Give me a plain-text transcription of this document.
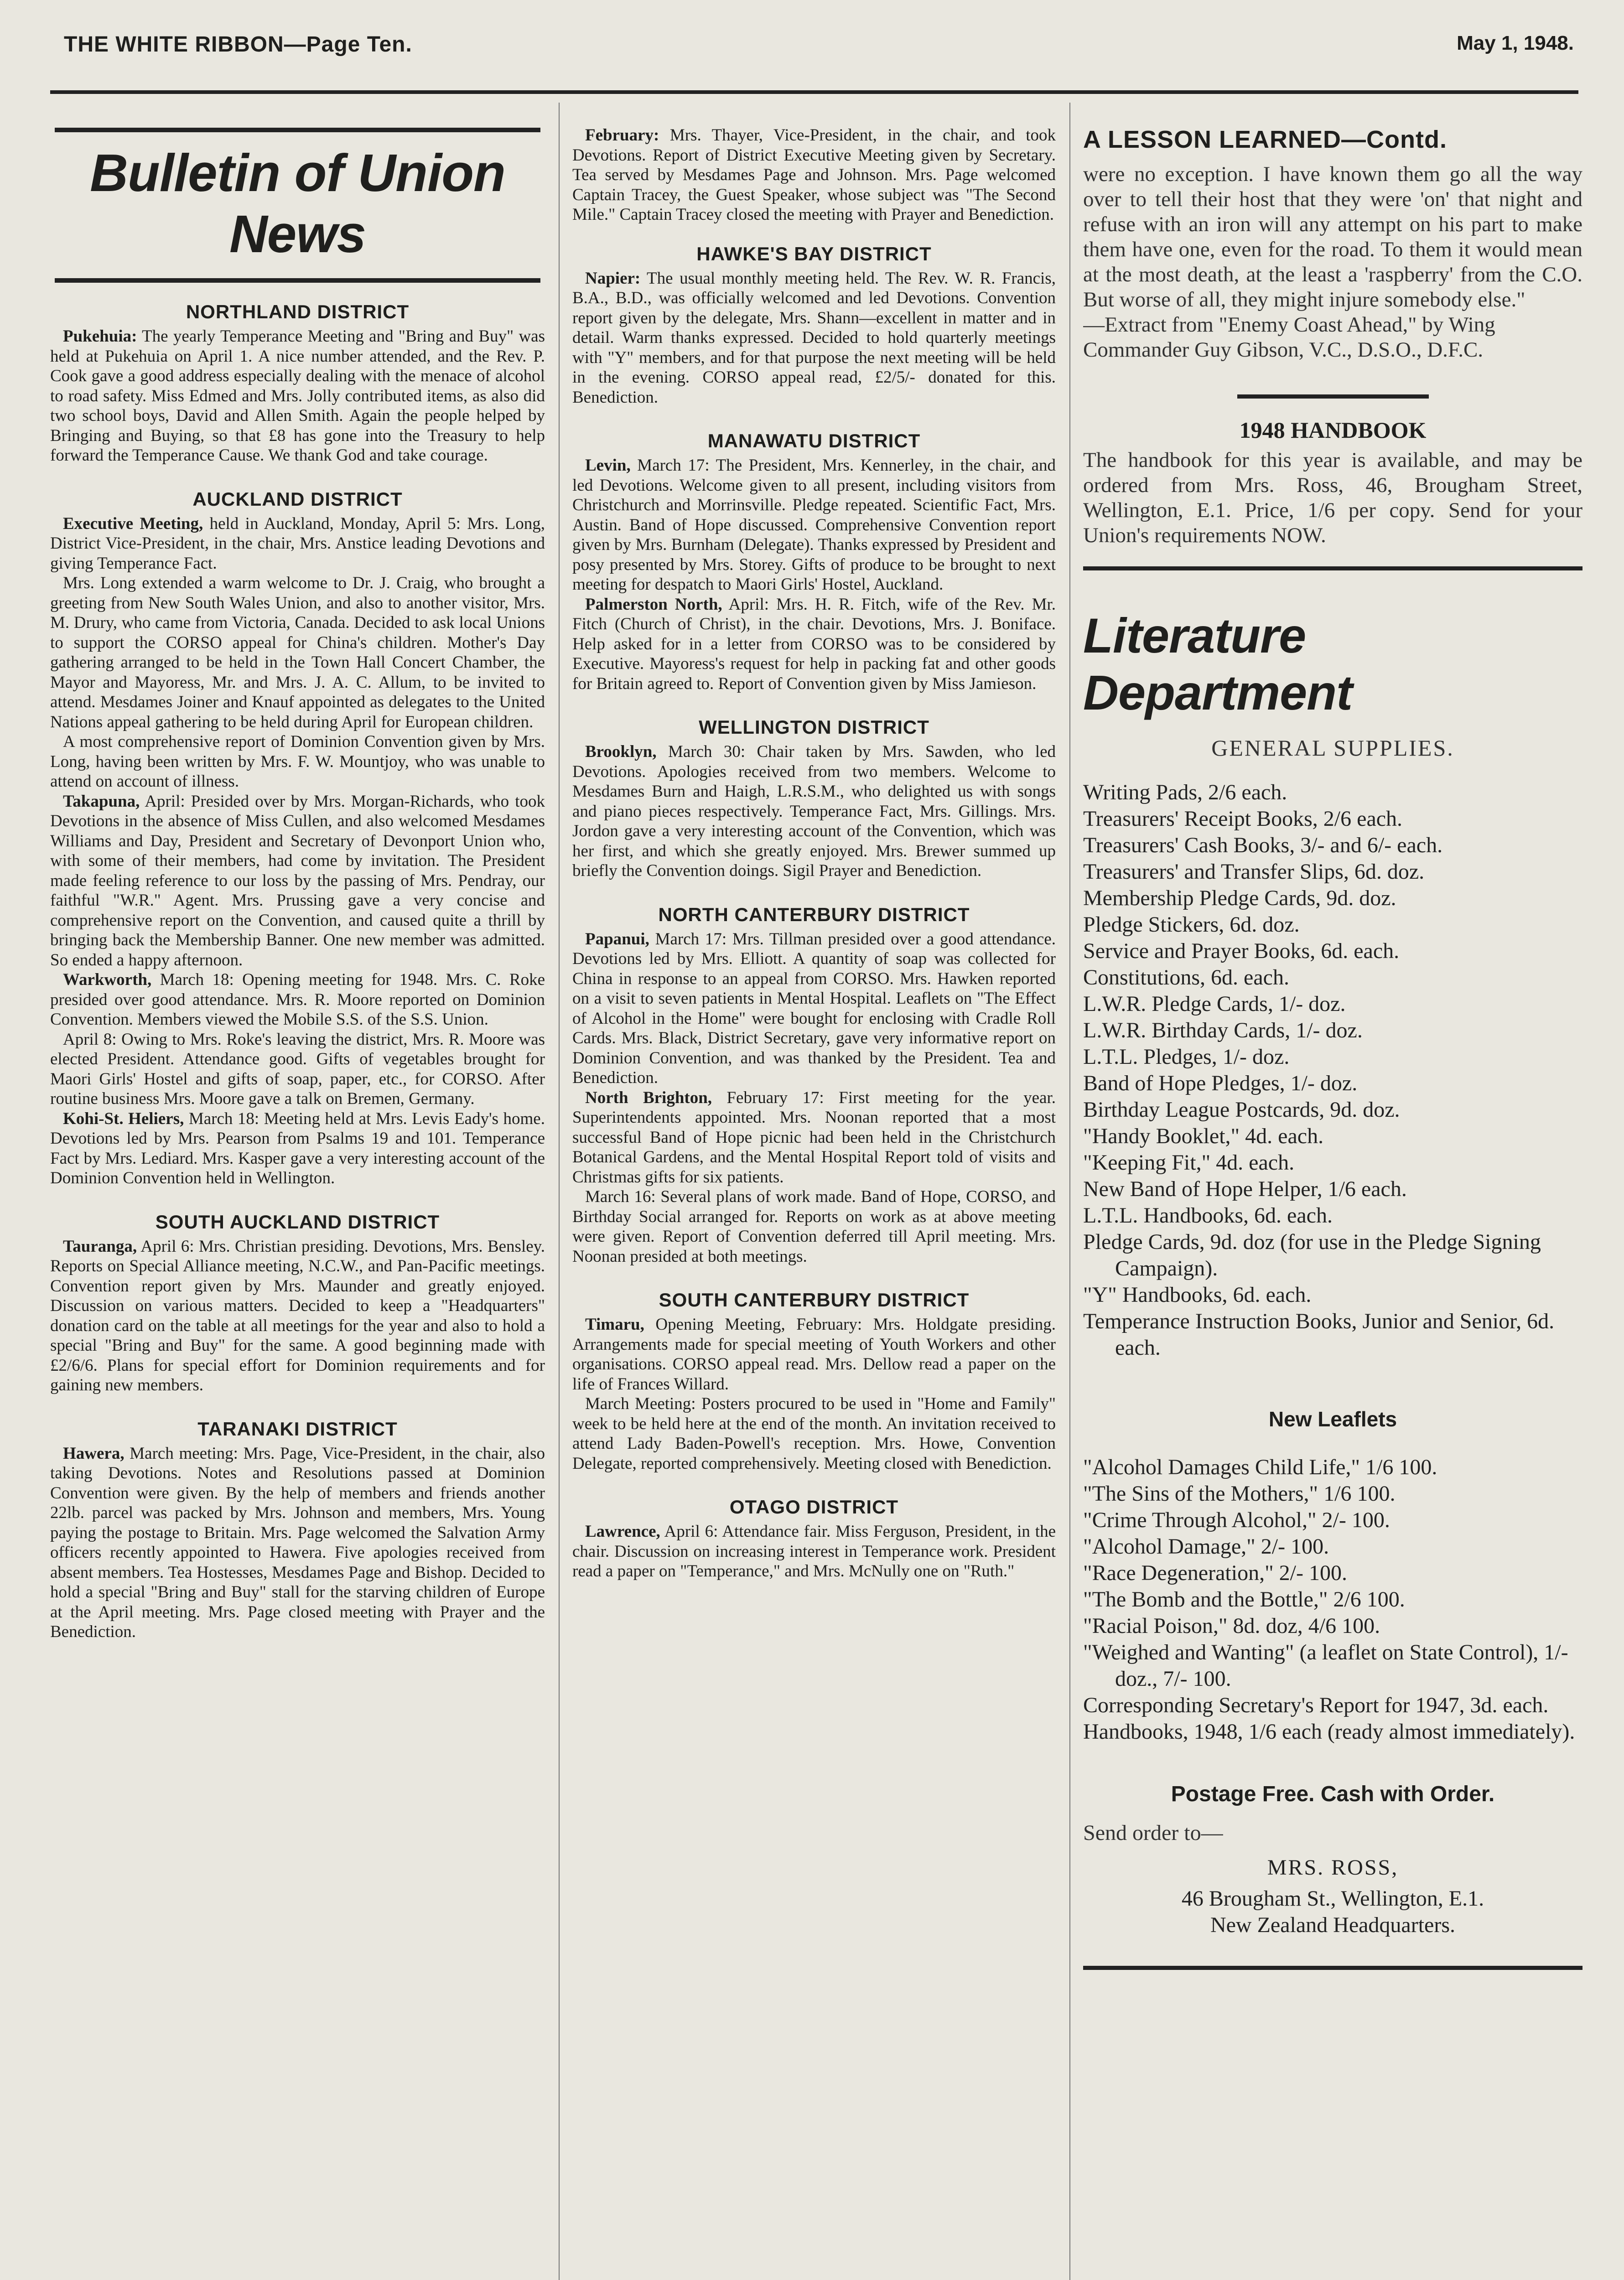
THE WHITE RIBBON—Page Ten.	May 1, 1948.
Bulletin of Union News
NORTHLAND DISTRICT

Pukehuia: The yearly Temperance Meeting and "Bring and Buy" was held at Pukehuia on April 1. A nice number attended, and the Rev. P. Cook gave a good address especially dealing with the menace of alcohol to road safety. Miss Edmed and Mrs. Jolly contributed items, as also did two school boys, David and Allen Smith. Again the people helped by Bringing and Buying, so that £8 has gone into the Treasury to help forward the Temperance Cause. We thank God and take courage.

AUCKLAND DISTRICT

Executive Meeting, held in Auckland, Monday, April 5: Mrs. Long, District Vice-President, in the chair, Mrs. Anstice leading Devotions and giving Temperance Fact.

Mrs. Long extended a warm welcome to Dr. J. Craig, who brought a greeting from New South Wales Union, and also to another visitor, Mrs. M. Drury, who came from Victoria, Canada. Decided to ask local Unions to support the CORSO appeal for China's children. Mother's Day gathering arranged to be held in the Town Hall Concert Chamber, the Mayor and Mayoress, Mr. and Mrs. J. A. C. Allum, to be invited to attend. Mesdames Joiner and Knauf appointed as delegates to the United Nations appeal gathering to be held during April for European children.

A most comprehensive report of Dominion Convention given by Mrs. Long, having been written by Mrs. F. W. Mountjoy, who was unable to attend on account of illness.

Takapuna, April: Presided over by Mrs. Morgan-Richards, who took Devotions in the absence of Miss Cullen, and also welcomed Mesdames Williams and Day, President and Secretary of Devonport Union who, with some of their members, had come by invitation. The President made feeling reference to our loss by the passing of Mrs. Pendray, our faithful "W.R." Agent. Mrs. Prussing gave a very concise and comprehensive report on the Convention, and caused quite a thrill by bringing back the Membership Banner. One new member was admitted. So ended a happy afternoon.

Warkworth, March 18: Opening meeting for 1948. Mrs. C. Roke presided over good attendance. Mrs. R. Moore reported on Dominion Convention. Members viewed the Mobile S.S. of the S.S. Union.

April 8: Owing to Mrs. Roke's leaving the district, Mrs. R. Moore was elected President. Attendance good. Gifts of vegetables brought for Maori Girls' Hostel and gifts of soap, paper, etc., for CORSO. After routine business Mrs. Moore gave a talk on Bremen, Germany.

Kohi-St. Heliers, March 18: Meeting held at Mrs. Levis Eady's home. Devotions led by Mrs. Pearson from Psalms 19 and 101. Temperance Fact by Mrs. Lediard. Mrs. Kasper gave a very interesting account of the Dominion Convention held in Wellington.

SOUTH AUCKLAND DISTRICT

Tauranga, April 6: Mrs. Christian presiding. Devotions, Mrs. Bensley. Reports on Special Alliance meeting, N.C.W., and Pan-Pacific meetings. Convention report given by Mrs. Maunder and greatly enjoyed. Discussion on various matters. Decided to keep a "Headquarters" donation card on the table at all meetings for the year and also to hold a special "Bring and Buy" for the same. A good beginning made with £2/6/6. Plans for special effort for Dominion requirements and for gaining new members.

TARANAKI DISTRICT

Hawera, March meeting: Mrs. Page, Vice-President, in the chair, also taking Devotions. Notes and Resolutions passed at Dominion Convention were given. By the help of members and friends another 22lb. parcel was packed by Mrs. Johnson and members, Mrs. Young paying the postage to Britain. Mrs. Page welcomed the Salvation Army officers recently appointed to Hawera. Five apologies received from absent members. Tea Hostesses, Mesdames Page and Bishop. Decided to hold a special "Bring and Buy" stall for the starving children of Europe at the April meeting. Mrs. Page closed meeting with Prayer and the Benediction.

February: Mrs. Thayer, Vice-President, in the chair, and took Devotions. Report of District Executive Meeting given by Secretary. Tea served by Mesdames Page and Johnson. Mrs. Page welcomed Captain Tracey, the Guest Speaker, whose subject was "The Second Mile." Captain Tracey closed the meeting with Prayer and Benediction.

HAWKE'S BAY DISTRICT

Napier: The usual monthly meeting held. The Rev. W. R. Francis, B.A., B.D., was officially welcomed and led Devotions. Convention report given by the delegate, Mrs. Shann—excellent in matter and in detail. Warm thanks expressed. Decided to hold quarterly meetings with "Y" members, and for that purpose the next meeting will be held in the evening. CORSO appeal read, £2/5/- donated for this. Benediction.

MANAWATU DISTRICT

Levin, March 17: The President, Mrs. Kennerley, in the chair, and led Devotions. Welcome given to all present, including visitors from Christchurch and Morrinsville. Pledge repeated. Scientific Fact, Mrs. Austin. Band of Hope discussed. Comprehensive Convention report given by Mrs. Burnham (Delegate). Thanks expressed by President and posy presented by Mrs. Storey. Gifts of produce to be brought to next meeting for despatch to Maori Girls' Hostel, Auckland.

Palmerston North, April: Mrs. H. R. Fitch, wife of the Rev. Mr. Fitch (Church of Christ), in the chair. Devotions, Mrs. J. Boniface. Help asked for in a letter from CORSO was to be considered by Executive. Mayoress's request for help in packing fat and other goods for Britain agreed to. Report of Convention given by Miss Jamieson.

WELLINGTON DISTRICT

Brooklyn, March 30: Chair taken by Mrs. Sawden, who led Devotions. Apologies received from two members. Welcome to Mesdames Burn and Haigh, L.R.S.M., who delighted us with songs and piano pieces respectively. Temperance Fact, Mrs. Gillings. Mrs. Jordon gave a very interesting account of the Convention, which was her first, and which she greatly enjoyed. Mrs. Brewer summed up briefly the Convention doings. Sigil Prayer and Benediction.

NORTH CANTERBURY DISTRICT

Papanui, March 17: Mrs. Tillman presided over a good attendance. Devotions led by Mrs. Elliott. A quantity of soap was collected for China in response to an appeal from CORSO. Mrs. Hawken reported on a visit to seven patients in Mental Hospital. Leaflets on "The Effect of Alcohol in the Home" were bought for enclosing with Cradle Roll Cards. Mrs. Black, District Secretary, gave very informative report on Dominion Convention, and was thanked by the President. Tea and Benediction.

North Brighton, February 17: First meeting for the year. Superintendents appointed. Mrs. Noonan reported that a most successful Band of Hope picnic had been held in the Christchurch Botanical Gardens, and the Mental Hospital Report told of visits and Christmas gifts for six patients.

March 16: Several plans of work made. Band of Hope, CORSO, and Birthday Social arranged for. Reports on work as at above meeting were given. Report of Convention deferred till April meeting. Mrs. Noonan presided at both meetings.

SOUTH CANTERBURY DISTRICT

Timaru, Opening Meeting, February: Mrs. Holdgate presiding. Arrangements made for special meeting of Youth Workers and other organisations. CORSO appeal read. Mrs. Dellow read a paper on the life of Frances Willard.

March Meeting: Posters procured to be used in "Home and Family" week to be held here at the end of the month. An invitation received to attend Lady Baden-Powell's reception. Mrs. Howe, Convention Delegate, reported comprehensively. Meeting closed with Benediction.

OTAGO DISTRICT

Lawrence, April 6: Attendance fair. Miss Ferguson, President, in the chair. Discussion on increasing interest in Temperance work. President read a paper on "Temperance," and Mrs. McNully one on "Ruth."

A LESSON LEARNED—Contd.

were no exception. I have known them go all the way over to tell their host that they were 'on' that night and refuse with an iron will any attempt on his part to make them have one, even for the road. To them it would mean at the most death, at the least a 'raspberry' from the C.O. But worse of all, they might injure somebody else."

—Extract from "Enemy Coast Ahead," by Wing Commander Guy Gibson, V.C., D.S.O., D.F.C.

1948 HANDBOOK

The handbook for this year is available, and may be ordered from Mrs. Ross, 46, Brougham Street, Wellington, E.1. Price, 1/6 per copy. Send for your Union's requirements NOW.

Literature Department
GENERAL SUPPLIES.

Writing Pads, 2/6 each.

Treasurers' Receipt Books, 2/6 each.

Treasurers' Cash Books, 3/- and 6/- each.

Treasurers' and Transfer Slips, 6d. doz.

Membership Pledge Cards, 9d. doz.

Pledge Stickers, 6d. doz.

Service and Prayer Books, 6d. each.

Constitutions, 6d. each.

L.W.R. Pledge Cards, 1/- doz.

L.W.R. Birthday Cards, 1/- doz.

L.T.L. Pledges, 1/- doz.

Band of Hope Pledges, 1/- doz.

Birthday League Postcards, 9d. doz.

"Handy Booklet," 4d. each.

"Keeping Fit," 4d. each.

New Band of Hope Helper, 1/6 each.

L.T.L. Handbooks, 6d. each.

Pledge Cards, 9d. doz (for use in the Pledge Signing Campaign).

"Y" Handbooks, 6d. each.

Temperance Instruction Books, Junior and Senior, 6d. each.

New Leaflets

"Alcohol Damages Child Life," 1/6 100.

"The Sins of the Mothers," 1/6 100.

"Crime Through Alcohol," 2/- 100.

"Alcohol Damage," 2/- 100.

"Race Degeneration," 2/- 100.

"The Bomb and the Bottle," 2/6 100.

"Racial Poison," 8d. doz, 4/6 100.

"Weighed and Wanting" (a leaflet on State Control), 1/- doz., 7/- 100.

Corresponding Secretary's Report for 1947, 3d. each.

Handbooks, 1948, 1/6 each (ready almost immediately).

Postage Free. Cash with Order.
Send order to—

MRS. ROSS,

46 Brougham St., Wellington, E.1.

New Zealand Headquarters.
